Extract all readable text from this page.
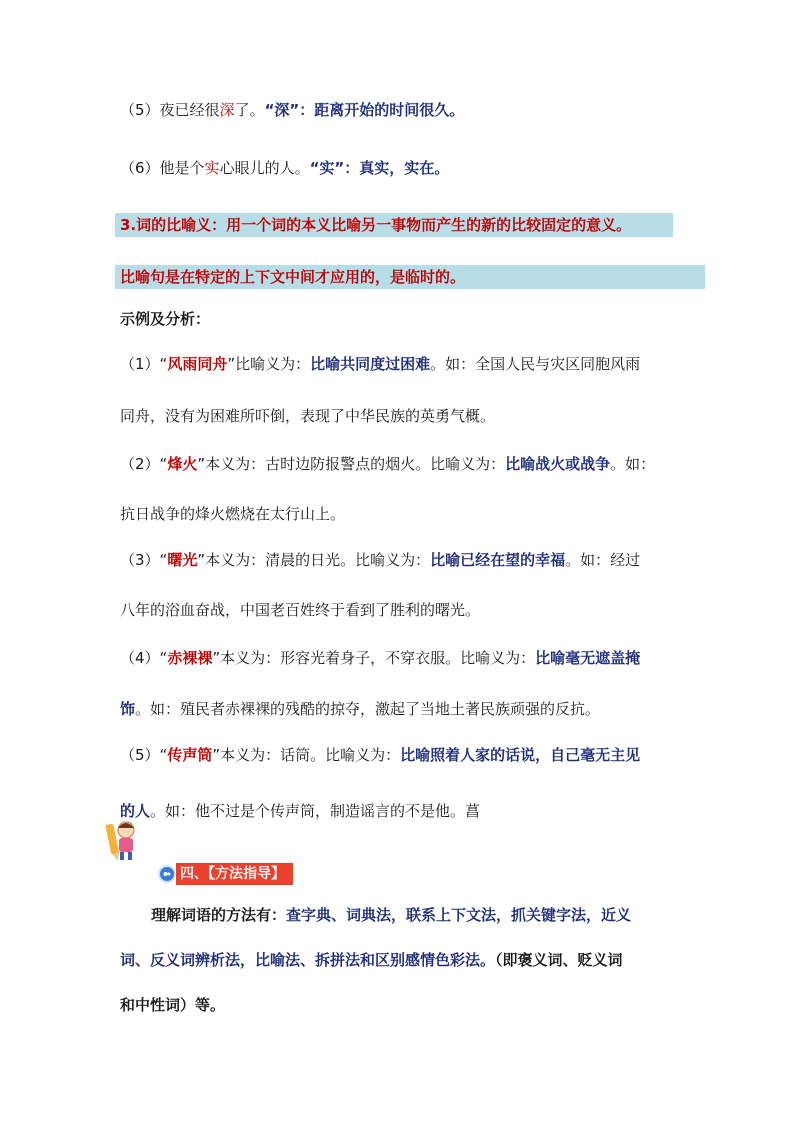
（5）夜已经很深了。“深”：距离开始的时间很久。
（6）他是个实心眼儿的人。“实”：真实，实在。
3.词的比喻义：用一个词的本义比喻另一事物而产生的新的比较固定的意义。
比喻句是在特定的上下文中间才应用的，是临时的。
示例及分析：
（1）“风雨同舟”比喻义为：比喻共同度过困难。如：全国人民与灾区同胞风雨
同舟，没有为困难所吓倒，表现了中华民族的英勇气概。
（2）“烽火”本义为：古时边防报警点的烟火。比喻义为：比喻战火或战争。如：
抗日战争的烽火燃烧在太行山上。
（3）“曙光”本义为：清晨的日光。比喻义为：比喻已经在望的幸福。如：经过
八年的浴血奋战，中国老百姓终于看到了胜利的曙光。
（4）“赤裸裸”本义为：形容光着身子，不穿衣服。比喻义为：比喻毫无遮盖掩
饰。如：殖民者赤裸裸的残酷的掠夺，激起了当地土著民族顽强的反抗。
（5）“传声筒”本义为：话筒。比喻义为：比喻照着人家的话说，自己毫无主见
的人。如：他不过是个传声筒，制造谣言的不是他。菖
四、【方法指导】
理解词语的方法有：查字典、词典法，联系上下文法，抓关键字法，近义
词、反义词辨析法，比喻法、拆拼法和区别感情色彩法。（即褒义词、贬义词
和中性词）等。
